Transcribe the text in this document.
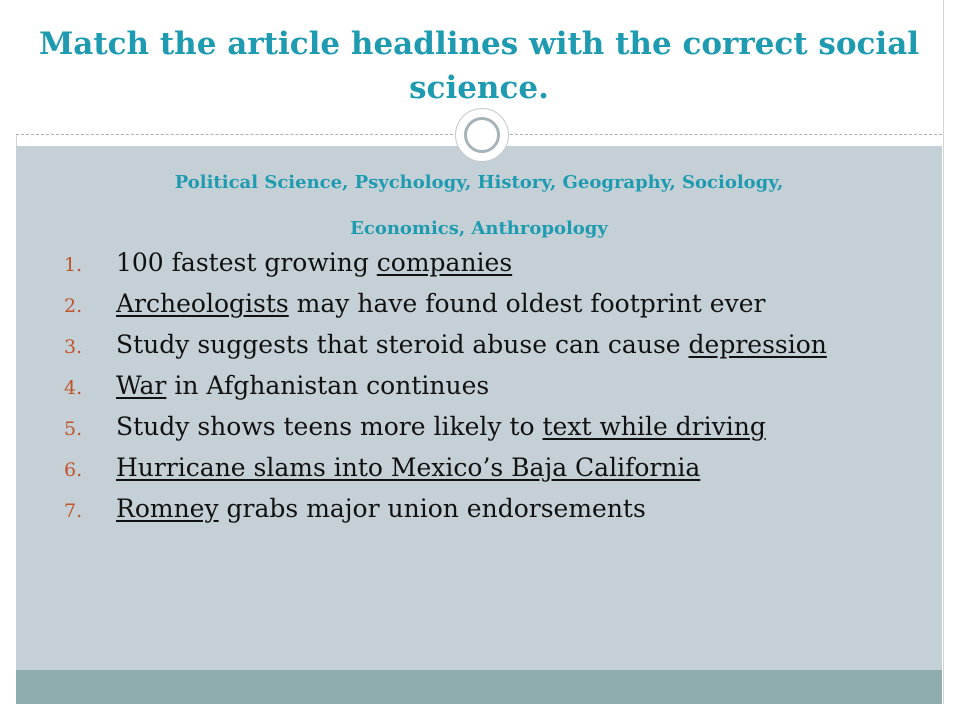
Match the article headlines with the correct social science.
Political Science, Psychology, History, Geography, Sociology,
Economics, Anthropology
1. 100 fastest growing companies
2. Archeologists may have found oldest footprint ever
3. Study suggests that steroid abuse can cause depression
4. War in Afghanistan continues
5. Study shows teens more likely to text while driving
6. Hurricane slams into Mexico’s Baja California
7. Romney grabs major union endorsements
